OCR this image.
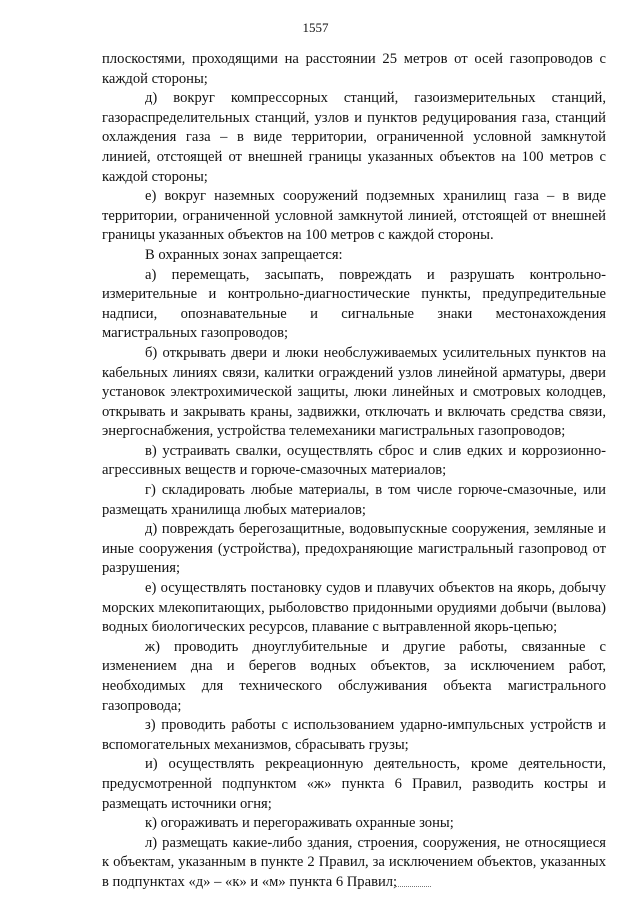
1557

плоскостями, проходящими на расстоянии 25 метров от осей газопроводов с каждой стороны;

д) вокруг компрессорных станций, газоизмерительных станций, газораспределительных станций, узлов и пунктов редуцирования газа, станций охлаждения газа – в виде территории, ограниченной условной замкнутой линией, отстоящей от внешней границы указанных объектов на 100 метров с каждой стороны;

е) вокруг наземных сооружений подземных хранилищ газа – в виде территории, ограниченной условной замкнутой линией, отстоящей от внешней границы указанных объектов на 100 метров с каждой стороны.

В охранных зонах запрещается:

а) перемещать, засыпать, повреждать и разрушать контрольно-измерительные и контрольно-диагностические пункты, предупредительные надписи, опознавательные и сигнальные знаки местонахождения магистральных газопроводов;

б) открывать двери и люки необслуживаемых усилительных пунктов на кабельных линиях связи, калитки ограждений узлов линейной арматуры, двери установок электрохимической защиты, люки линейных и смотровых колодцев, открывать и закрывать краны, задвижки, отключать и включать средства связи, энергоснабжения, устройства телемеханики магистральных газопроводов;

в) устраивать свалки, осуществлять сброс и слив едких и коррозионно-агрессивных веществ и горюче-смазочных материалов;

г) складировать любые материалы, в том числе горюче-смазочные, или размещать хранилища любых материалов;

д) повреждать берегозащитные, водовыпускные сооружения, земляные и иные сооружения (устройства), предохраняющие магистральный газопровод от разрушения;

е) осуществлять постановку судов и плавучих объектов на якорь, добычу морских млекопитающих, рыболовство придонными орудиями добычи (вылова) водных биологических ресурсов, плавание с вытравленной якорь-цепью;

ж) проводить дноуглубительные и другие работы, связанные с изменением дна и берегов водных объектов, за исключением работ, необходимых для технического обслуживания объекта магистрального газопровода;

з) проводить работы с использованием ударно-импульсных устройств и вспомогательных механизмов, сбрасывать грузы;

и) осуществлять рекреационную деятельность, кроме деятельности, предусмотренной подпунктом «ж» пункта 6 Правил, разводить костры и размещать источники огня;

к) огораживать и перегораживать охранные зоны;

л) размещать какие-либо здания, строения, сооружения, не относящиеся к объектам, указанным в пункте 2 Правил, за исключением объектов, указанных в подпунктах «д» – «к» и «м» пункта 6 Правил;
